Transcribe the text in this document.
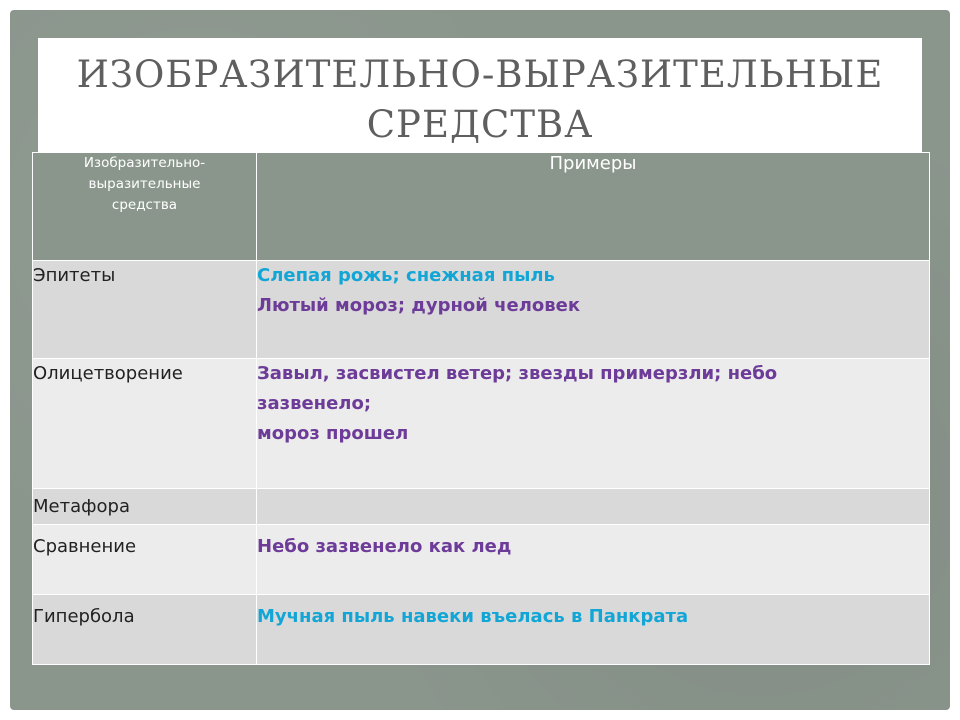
ИЗОБРАЗИТЕЛЬНО-ВЫРАЗИТЕЛЬНЫЕ
СРЕДСТВА
Изобразительно-
выразительные
средства	Примеры
Эпитеты	Слепая рожь; снежная пыль
Лютый мороз; дурной человек

Олицетворение	Завыл, засвистел ветер; звезды примерзли; небо
зазвенело;
мороз прошел

Метафора	
Сравнение	Небо зазвенело как лед

Гипербола	Мучная пыль навеки въелась в Панкрата
